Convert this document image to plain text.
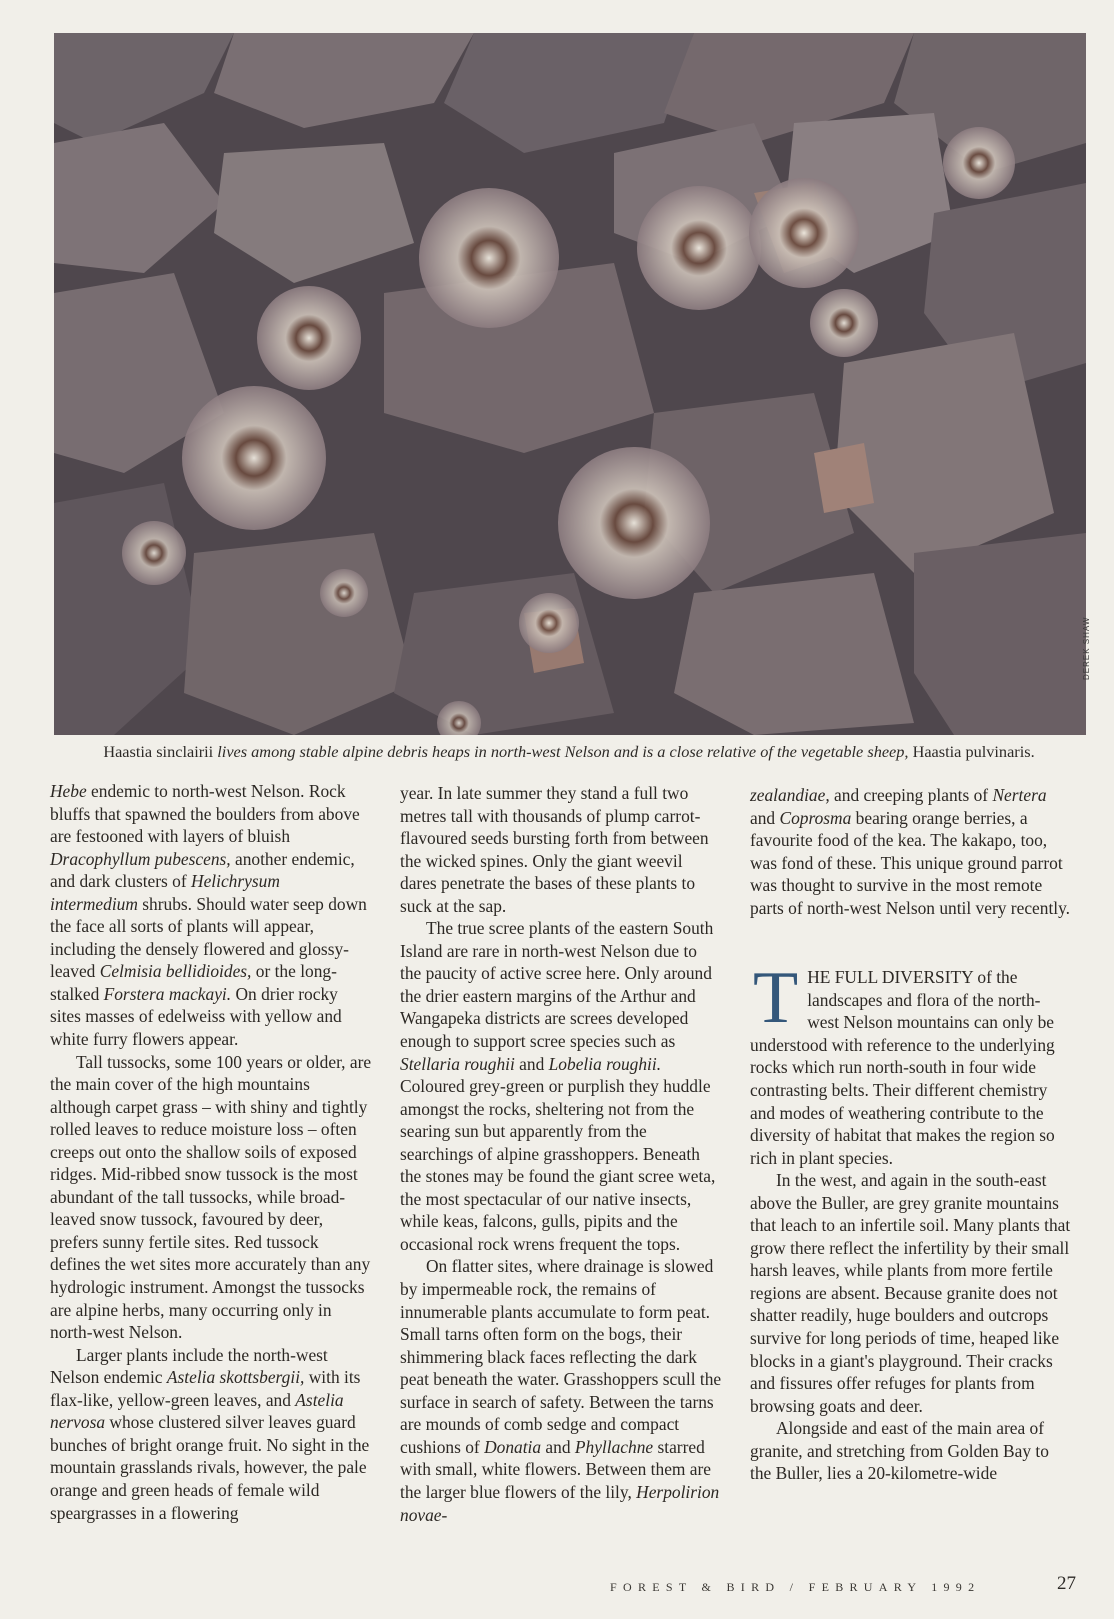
DEREK SHAW
Haastia sinclairii lives among stable alpine debris heaps in north-west Nelson and is a close relative of the vegetable sheep, Haastia pulvinaris.

Hebe endemic to north-west Nelson. Rock bluffs that spawned the boulders from above are festooned with layers of bluish Dracophyllum pubescens, another endemic, and dark clusters of Helichrysum intermedium shrubs. Should water seep down the face all sorts of plants will appear, including the densely flowered and glossy-leaved Celmisia bellidioides, or the long-stalked Forstera mackayi. On drier rocky sites masses of edelweiss with yellow and white furry flowers appear.

Tall tussocks, some 100 years or older, are the main cover of the high mountains although carpet grass – with shiny and tightly rolled leaves to reduce moisture loss – often creeps out onto the shallow soils of exposed ridges. Mid-ribbed snow tussock is the most abundant of the tall tussocks, while broad-leaved snow tussock, favoured by deer, prefers sunny fertile sites. Red tussock defines the wet sites more accurately than any hydrologic instrument. Amongst the tussocks are alpine herbs, many occurring only in north-west Nelson.

Larger plants include the north-west Nelson endemic Astelia skottsbergii, with its flax-like, yellow-green leaves, and Astelia nervosa whose clustered silver leaves guard bunches of bright orange fruit. No sight in the mountain grasslands rivals, however, the pale orange and green heads of female wild speargrasses in a flowering

year. In late summer they stand a full two metres tall with thousands of plump carrot-flavoured seeds bursting forth from between the wicked spines. Only the giant weevil dares penetrate the bases of these plants to suck at the sap.

The true scree plants of the eastern South Island are rare in north-west Nelson due to the paucity of active scree here. Only around the drier eastern margins of the Arthur and Wangapeka districts are screes developed enough to support scree species such as Stellaria roughii and Lobelia roughii. Coloured grey-green or purplish they huddle amongst the rocks, sheltering not from the searing sun but apparently from the searchings of alpine grasshoppers. Beneath the stones may be found the giant scree weta, the most spectacular of our native insects, while keas, falcons, gulls, pipits and the occasional rock wrens frequent the tops.

On flatter sites, where drainage is slowed by impermeable rock, the remains of innumerable plants accumulate to form peat. Small tarns often form on the bogs, their shimmering black faces reflecting the dark peat beneath the water. Grasshoppers scull the surface in search of safety. Between the tarns are mounds of comb sedge and compact cushions of Donatia and Phyllachne starred with small, white flowers. Between them are the larger blue flowers of the lily, Herpolirion novae-

zealandiae, and creeping plants of Nertera and Coprosma bearing orange berries, a favourite food of the kea. The kakapo, too, was fond of these. This unique ground parrot was thought to survive in the most remote parts of north-west Nelson until very recently.

T HE FULL DIVERSITY of the landscapes and flora of the north-west Nelson mountains can only be understood with reference to the underlying rocks which run north-south in four wide contrasting belts. Their different chemistry and modes of weathering contribute to the diversity of habitat that makes the region so rich in plant species.

In the west, and again in the south-east above the Buller, are grey granite mountains that leach to an infertile soil. Many plants that grow there reflect the infertility by their small harsh leaves, while plants from more fertile regions are absent. Because granite does not shatter readily, huge boulders and outcrops survive for long periods of time, heaped like blocks in a giant's playground. Their cracks and fissures offer refuges for plants from browsing goats and deer.

Alongside and east of the main area of granite, and stretching from Golden Bay to the Buller, lies a 20-kilometre-wide

FOREST & BIRD / FEBRUARY 1992	27
